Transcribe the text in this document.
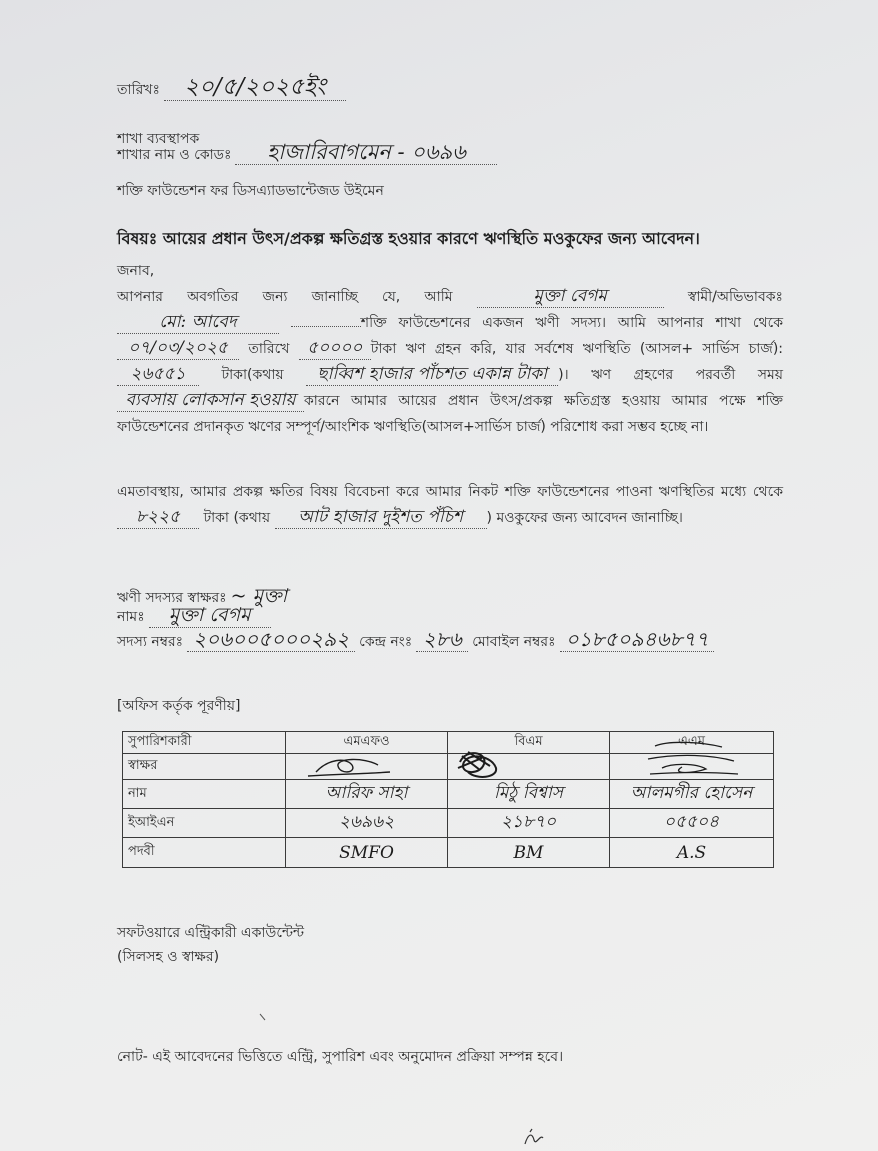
তারিখঃ	২০/৫/২০২৫ইং
শাখা ব্যবস্থাপক
শাখার নাম ও কোডঃ	হাজারিবাগমেন - ০৬৯৬
শক্তি ফাউন্ডেশন ফর ডিসএ্যাডভান্টেজড উইমেন
বিষয়ঃ আয়ের প্রধান উৎস/প্রকল্প ক্ষতিগ্রস্ত হওয়ার কারণে ঋণস্থিতি মওকুফের জন্য আবেদন।
জনাব,

আপনার অবগতির জন্য জানাচ্ছি যে, আমি	মুক্তা বেগম	স্বামী/অভিভাবকঃ মো: আবেদ	শক্তি ফাউন্ডেশনের একজন ঋণী সদস্য। আমি আপনার শাখা থেকে ০৭/০৩/২০২৫ তারিখে ৫০০০০ টাকা ঋণ গ্রহন করি, যার সর্বশেষ ঋণস্থিতি (আসল+ সার্ভিস চার্জ): ২৬৫৫১	টাকা(কথায় ছাব্বিশ হাজার পাঁচশত একান্ন টাকা )। ঋণ গ্রহণের পরবর্তী সময় ব্যবসায় লোকসান হওয়ায় কারনে আমার আয়ের প্রধান উৎস/প্রকল্প ক্ষতিগ্রস্ত হওয়ায় আমার পক্ষে শক্তি ফাউন্ডেশনের প্রদানকৃত ঋণের সম্পূর্ণ/আংশিক ঋণস্থিতি(আসল+সার্ভিস চার্জ) পরিশোধ করা সম্ভব হচ্ছে না।

এমতাবস্থায়, আমার প্রকল্প ক্ষতির বিষয় বিবেচনা করে আমার নিকট শক্তি ফাউন্ডেশনের পাওনা ঋণস্থিতির মধ্যে থেকে ৮২২৫ টাকা (কথায় আট হাজার দুইশত পঁচিশ ) মওকুফের জন্য আবেদন জানাচ্ছি।

ঋণী সদস্যর স্বাক্ষরঃ ~ মুক্তা
নামঃ	মুক্তা বেগম
সদস্য নম্বরঃ ২০৬০০৫০০০২৯২ কেন্দ্র নংঃ ২৮৬ মোবাইল নম্বরঃ ০১৮৫০৯৪৬৮৭৭
[অফিস কর্তৃক পূরণীয়]
সুপারিশকারী	এমএফও	বিএম	এএম
স্বাক্ষর	

নাম	আরিফ সাহা	মিঠু বিশ্বাস	আলমগীর হোসেন
ইআইএন	২৬৯৬২	২১৮৭০	০৫৫০৪
পদবী	SMFO	BM	A.S
সফটওয়ারে এন্ট্রিকারী একাউন্টেন্ট
(সিলসহ ও স্বাক্ষর)
নোট- এই আবেদনের ভিত্তিতে এন্ট্রি, সুপারিশ এবং অনুমোদন প্রক্রিয়া সম্পন্ন হবে।
